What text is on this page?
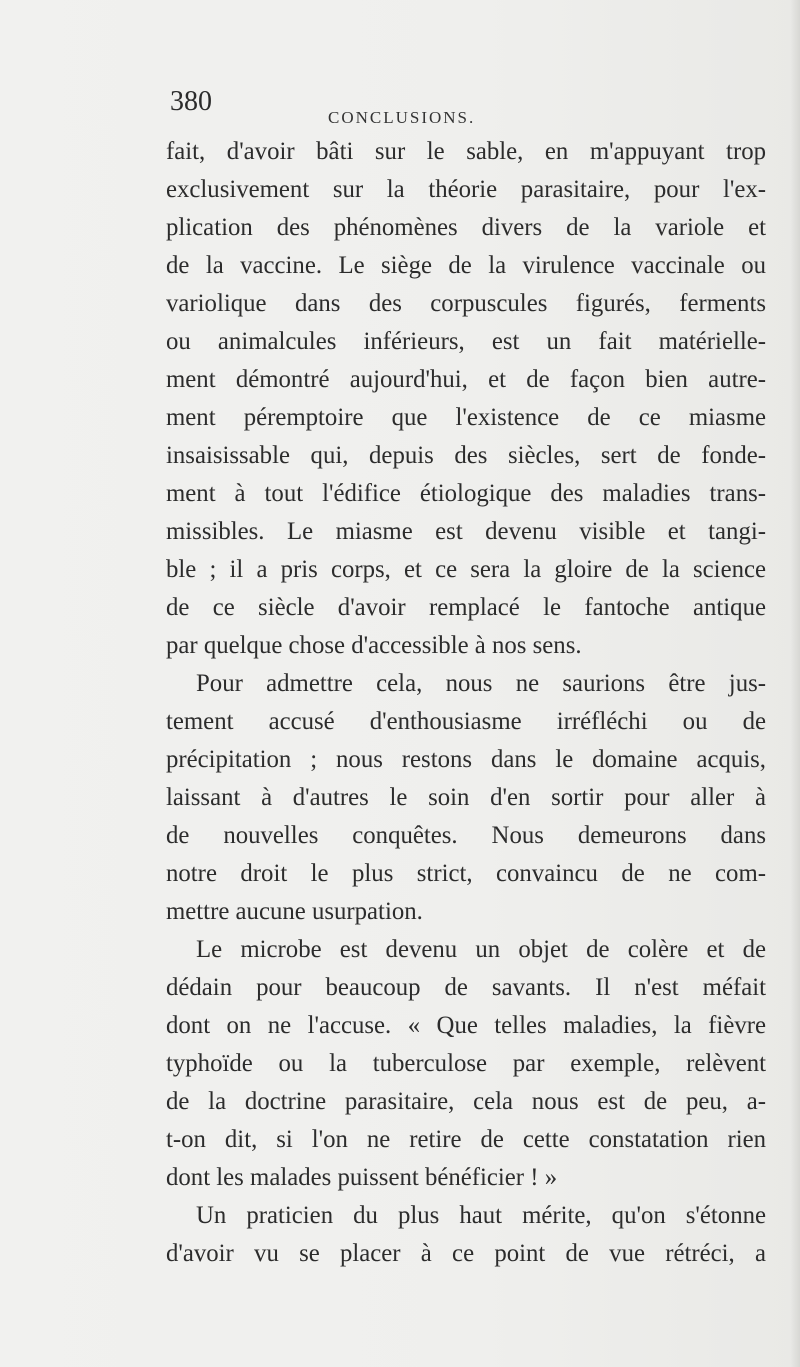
380
CONCLUSIONS.
fait, d'avoir bâti sur le sable, en m'appuyant trop
exclusivement sur la théorie parasitaire, pour l'ex-
plication des phénomènes divers de la variole et
de la vaccine. Le siège de la virulence vaccinale ou
variolique dans des corpuscules figurés, ferments
ou animalcules inférieurs, est un fait matérielle-
ment démontré aujourd'hui, et de façon bien autre-
ment péremptoire que l'existence de ce miasme
insaisissable qui, depuis des siècles, sert de fonde-
ment à tout l'édifice étiologique des maladies trans-
missibles. Le miasme est devenu visible et tangi-
ble ; il a pris corps, et ce sera la gloire de la science
de ce siècle d'avoir remplacé le fantoche antique
par quelque chose d'accessible à nos sens.
Pour admettre cela, nous ne saurions être jus-
tement accusé d'enthousiasme irréfléchi ou de
précipitation ; nous restons dans le domaine acquis,
laissant à d'autres le soin d'en sortir pour aller à
de nouvelles conquêtes. Nous demeurons dans
notre droit le plus strict, convaincu de ne com-
mettre aucune usurpation.
Le microbe est devenu un objet de colère et de
dédain pour beaucoup de savants. Il n'est méfait
dont on ne l'accuse. « Que telles maladies, la fièvre
typhoïde ou la tuberculose par exemple, relèvent
de la doctrine parasitaire, cela nous est de peu, a-
t-on dit, si l'on ne retire de cette constatation rien
dont les malades puissent bénéficier ! »
Un praticien du plus haut mérite, qu'on s'étonne
d'avoir vu se placer à ce point de vue rétréci, a
